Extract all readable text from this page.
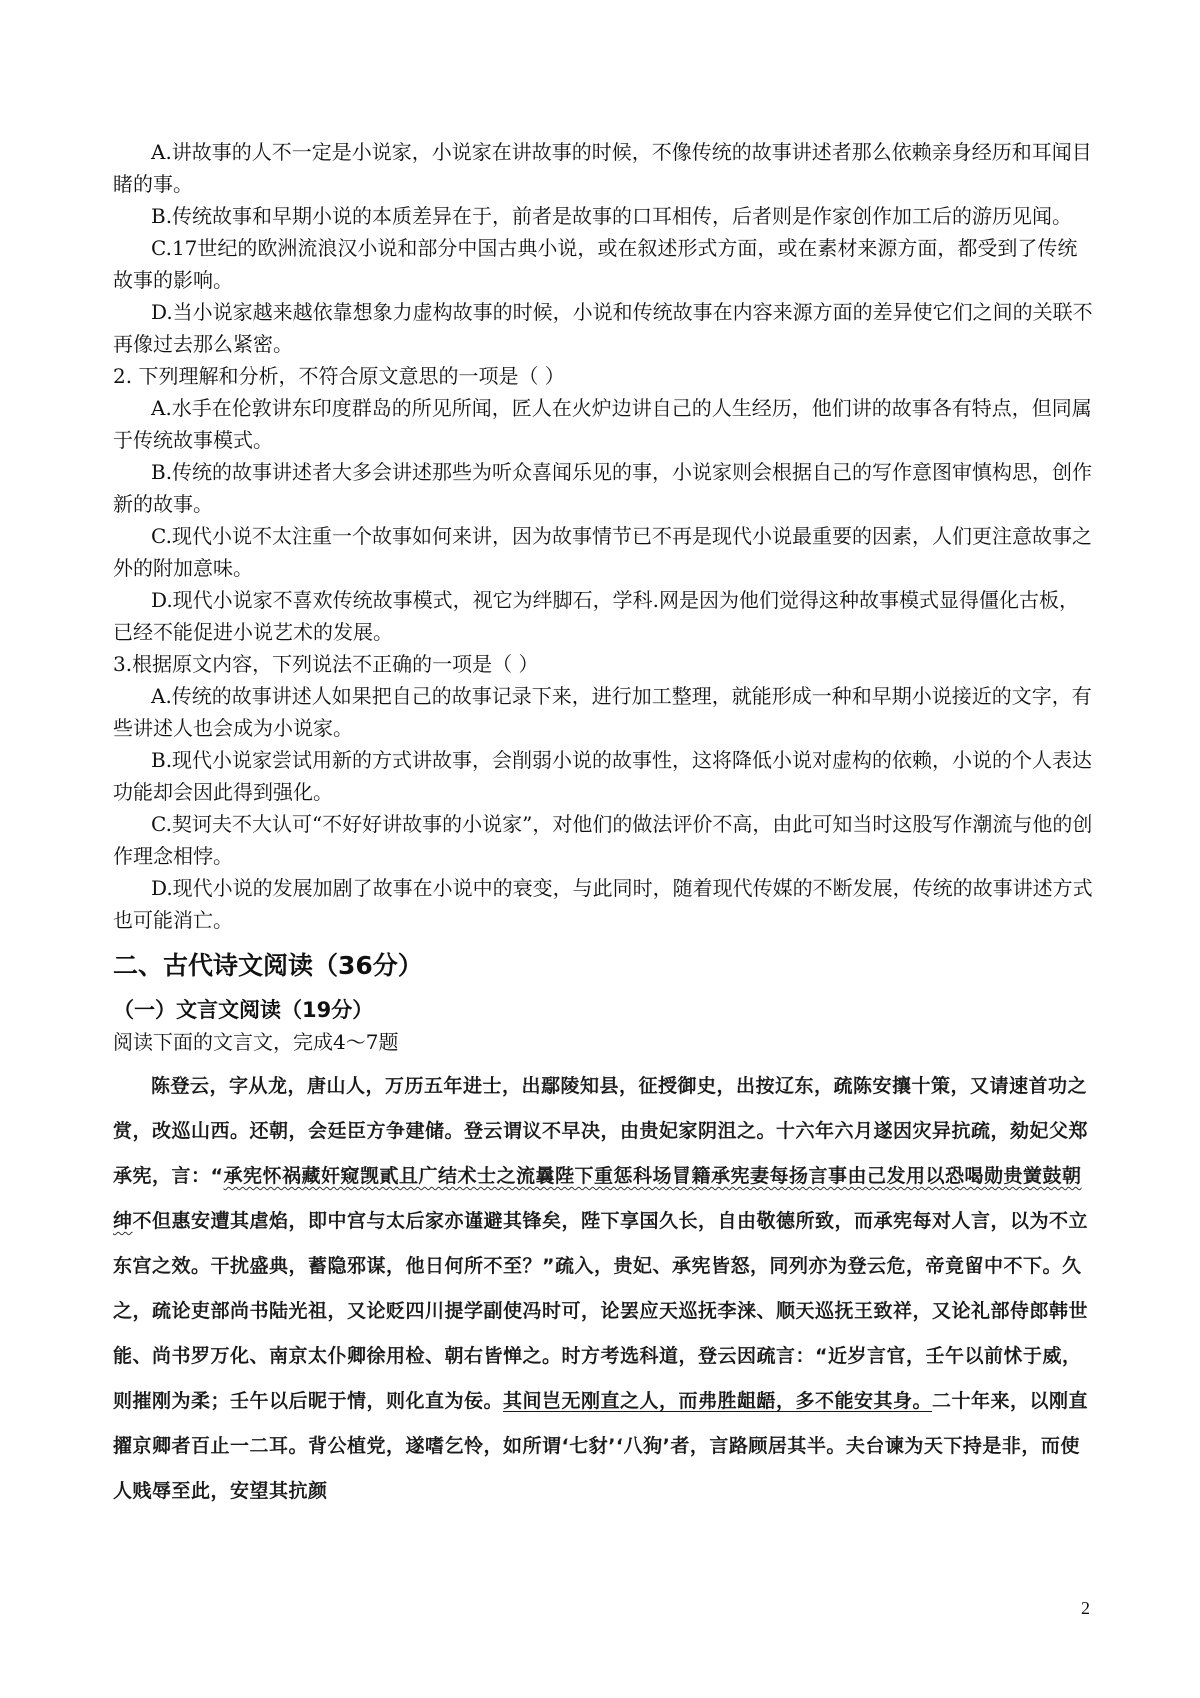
A.讲故事的人不一定是小说家，小说家在讲故事的时候，不像传统的故事讲述者那么依赖亲身经历和耳闻目睹的事。
B.传统故事和早期小说的本质差异在于，前者是故事的口耳相传，后者则是作家创作加工后的游历见闻。
C.17世纪的欧洲流浪汉小说和部分中国古典小说，或在叙述形式方面，或在素材来源方面，都受到了传统故事的影响。
D.当小说家越来越依靠想象力虚构故事的时候，小说和传统故事在内容来源方面的差异使它们之间的关联不再像过去那么紧密。
2. 下列理解和分析，不符合原文意思的一项是（ ）
A.水手在伦敦讲东印度群岛的所见所闻，匠人在火炉边讲自己的人生经历，他们讲的故事各有特点，但同属于传统故事模式。
B.传统的故事讲述者大多会讲述那些为听众喜闻乐见的事，小说家则会根据自己的写作意图审慎构思，创作新的故事。
C.现代小说不太注重一个故事如何来讲，因为故事情节已不再是现代小说最重要的因素，人们更注意故事之外的附加意味。
D.现代小说家不喜欢传统故事模式，视它为绊脚石，学科.网是因为他们觉得这种故事模式显得僵化古板，已经不能促进小说艺术的发展。
3.根据原文内容，下列说法不正确的一项是（ ）
A.传统的故事讲述人如果把自己的故事记录下来，进行加工整理，就能形成一种和早期小说接近的文字，有些讲述人也会成为小说家。
B.现代小说家尝试用新的方式讲故事，会削弱小说的故事性，这将降低小说对虚构的依赖，小说的个人表达功能却会因此得到强化。
C.契诃夫不大认可“不好好讲故事的小说家”，对他们的做法评价不高，由此可知当时这股写作潮流与他的创作理念相悖。
D.现代小说的发展加剧了故事在小说中的衰变，与此同时，随着现代传媒的不断发展，传统的故事讲述方式也可能消亡。
二、古代诗文阅读（36分）
（一）文言文阅读（19分）
阅读下面的文言文，完成4～7题
陈登云，字从龙，唐山人，万历五年进士，出鄢陵知县，征授御史，出按辽东，疏陈安攘十策，又请速首功之赏，改巡山西。还朝，会廷臣方争建储。登云谓议不早决，由贵妃家阴沮之。十六年六月遂因灾异抗疏，劾妃父郑承宪，言：“承宪怀祸藏奸窥觊貳且广结术士之流曩陛下重惩科场冒籍承宪妻每扬言事由己发用以恐喝勋贵黉鼓朝绅不但惠安遭其虐焰，即中宫与太后家亦谨避其锋矣，陛下享国久长，自由敬德所致，而承宪每对人言，以为不立东宫之效。干扰盛典，蓄隐邪谋，他日何所不至？”疏入，贵妃、承宪皆怒，同列亦为登云危，帝竟留中不下。久之，疏论吏部尚书陆光祖，又论贬四川提学副使冯时可，论罢应天巡抚李涞、顺天巡抚王致祥，又论礼部侍郎韩世能、尚书罗万化、南京太仆卿徐用检、朝右皆惮之。时方考选科道，登云因疏言：“近岁言官，壬午以前怵于威，则摧刚为柔；壬午以后昵于情，则化直为佞。其间岂无刚直之人，而弗胜龃龉，多不能安其身。二十年来，以刚直擢京卿者百止一二耳。背公植党，遂嗜乞怜，如所谓‘七豺’‘八狗’者，言路顾居其半。夫台谏为天下持是非，而使人贱辱至此，安望其抗颜
2
